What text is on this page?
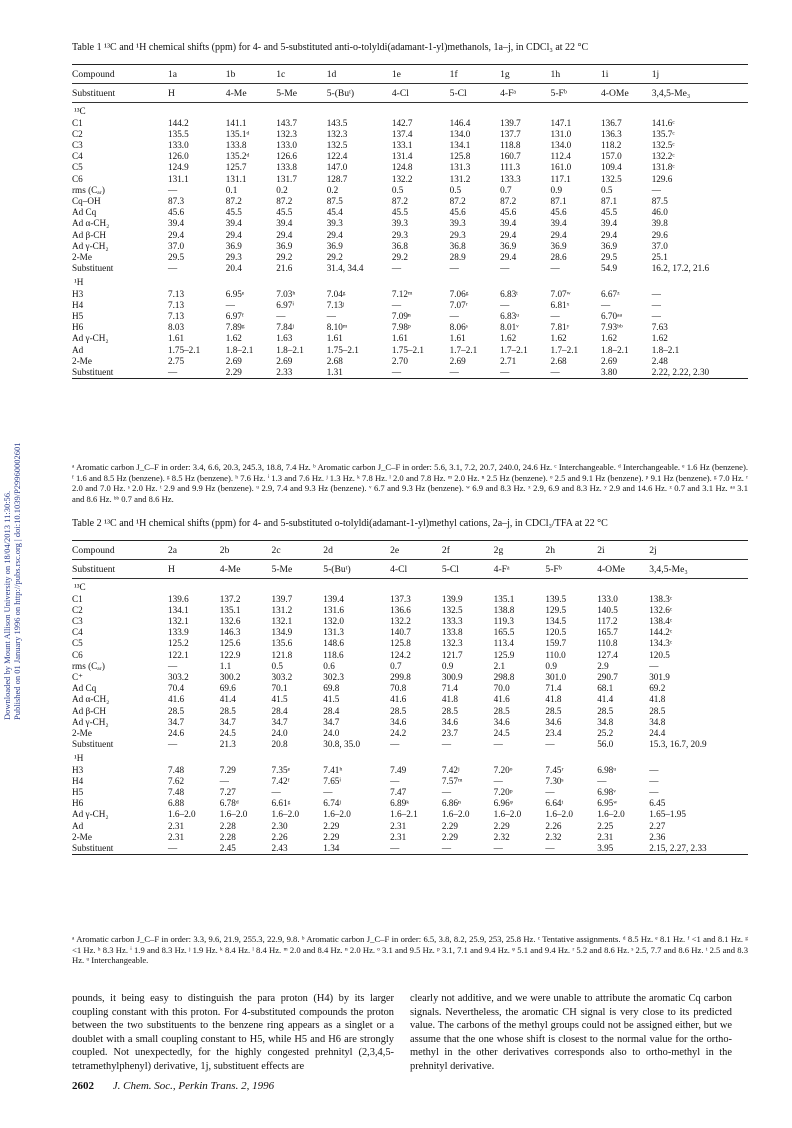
Downloaded by Mount Allison University on 18/04/2013 11:30:56. Published on 01 January 1996 on http://pubs.rsc.org | doi:10.1039/P29960002601
Table 1 ¹³C and ¹H chemical shifts (ppm) for 4- and 5-substituted anti-o-tolyldi(adamant-1-yl)methanols, 1a–j, in CDCl₃ at 22 °C
Compound	1a	1b	1c	1d	1e	1f	1g	1h	1i	1j
Substituent	H	4-Me	5-Me	5-(Buᵗ)	4-Cl	5-Cl	4-Fᵃ	5-Fᵇ	4-OMe	3,4,5-Me₃
¹³C										
C1	144.2	141.1	143.7	143.5	142.7	146.4	139.7	147.1	136.7	141.6ᶜ
C2	135.5	135.1ᵈ	132.3	132.3	137.4	134.0	137.7	131.0	136.3	135.7ᶜ
C3	133.0	133.8	133.0	132.5	133.1	134.1	118.8	134.0	118.2	132.5ᶜ
C4	126.0	135.2ᵈ	126.6	122.4	131.4	125.8	160.7	112.4	157.0	132.2ᶜ
C5	124.9	125.7	133.8	147.0	124.8	131.3	111.3	161.0	109.4	131.8ᶜ
C6	131.1	131.1	131.7	128.7	132.2	131.2	133.3	117.1	132.5	129.6
rms (Cₐᵣ)	—	0.1	0.2	0.2	0.5	0.5	0.7	0.9	0.5	—
Cq–OH	87.3	87.2	87.2	87.5	87.2	87.2	87.2	87.1	87.1	87.5
Ad Cq	45.6	45.5	45.5	45.4	45.5	45.6	45.6	45.6	45.5	46.0
Ad α-CH₂	39.4	39.4	39.4	39.3	39.3	39.3	39.4	39.4	39.4	39.8
Ad β-CH	29.4	29.4	29.4	29.4	29.3	29.3	29.4	29.4	29.4	29.6
Ad γ-CH₂	37.0	36.9	36.9	36.9	36.8	36.8	36.9	36.9	36.9	37.0
2-Me	29.5	29.3	29.2	29.2	29.2	28.9	29.4	28.6	29.5	25.1
Substituent	—	20.4	21.6	31.4, 34.4	—	—	—	—	54.9	16.2, 17.2, 21.6
¹H										
H3	7.13	6.95ᵉ	7.03ʰ	7.04ᵍ	7.12ᵐ	7.06ᵍ	6.83ᵗ	7.07ʷ	6.67ᶻ	—
H4	7.13	—	6.97ⁱ	7.13ʲ	—	7.07ʳ	—	6.81ˣ	—	—
H5	7.13	6.97ᶠ	—	—	7.09ⁿ	—	6.83ᵘ	—	6.70ᵃᵃ	—
H6	8.03	7.89ᵍ	7.84ʲ	8.10ᵐ	7.98ᵖ	8.06ˢ	8.01ᵛ	7.81ʸ	7.93ᵇᵇ	7.63
Ad γ-CH₂	1.61	1.62	1.63	1.61	1.61	1.61	1.62	1.62	1.62	1.62
Ad	1.75–2.1	1.8–2.1	1.8–2.1	1.75–2.1	1.75–2.1	1.7–2.1	1.7–2.1	1.7–2.1	1.8–2.1	1.8–2.1
2-Me	2.75	2.69	2.69	2.68	2.70	2.69	2.71	2.68	2.69	2.48
Substituent	—	2.29	2.33	1.31	—	—	—	—	3.80	2.22, 2.22, 2.30
ᵃ Aromatic carbon J_C–F in order: 3.4, 6.6, 20.3, 245.3, 18.8, 7.4 Hz. ᵇ Aromatic carbon J_C–F in order: 5.6, 3.1, 7.2, 20.7, 240.0, 24.6 Hz. ᶜ Interchangeable. ᵈ Interchangeable. ᵉ 1.6 Hz (benzene). ᶠ 1.6 and 8.5 Hz (benzene). ᵍ 8.5 Hz (benzene). ʰ 7.6 Hz. ⁱ 1.3 and 7.6 Hz. ʲ 1.3 Hz. ᵏ 7.8 Hz. ˡ 2.0 and 7.8 Hz. ᵐ 2.0 Hz. ⁿ 2.5 Hz (benzene). ᵒ 2.5 and 9.1 Hz (benzene). ᵖ 9.1 Hz (benzene). ᵍ 7.0 Hz. ʳ 2.0 and 7.0 Hz. ˢ 2.0 Hz. ᵗ 2.9 and 9.9 Hz (benzene). ᵘ 2.9, 7.4 and 9.3 Hz (benzene). ᵛ 6.7 and 9.3 Hz (benzene). ʷ 6.9 and 8.3 Hz. ˣ 2.9, 6.9 and 8.3 Hz. ʸ 2.9 and 14.6 Hz. ᶻ 0.7 and 3.1 Hz. ᵃᵃ 3.1 and 8.6 Hz. ᵇᵇ 0.7 and 8.6 Hz.
Table 2 ¹³C and ¹H chemical shifts (ppm) for 4- and 5-substituted o-tolyldi(adamant-1-yl)methyl cations, 2a–j, in CDCl₃/TFA at 22 °C
Compound	2a	2b	2c	2d	2e	2f	2g	2h	2i	2j
Substituent	H	4-Me	5-Me	5-(Buᵗ)	4-Cl	5-Cl	4-Fᵃ	5-Fᵇ	4-OMe	3,4,5-Me₃
¹³C										
C1	139.6	137.2	139.7	139.4	137.3	139.9	135.1	139.5	133.0	138.3ᶜ
C2	134.1	135.1	131.2	131.6	136.6	132.5	138.8	129.5	140.5	132.6ᶜ
C3	132.1	132.6	132.1	132.0	132.2	133.3	119.3	134.5	117.2	138.4ᶜ
C4	133.9	146.3	134.9	131.3	140.7	133.8	165.5	120.5	165.7	144.2ᶜ
C5	125.2	125.6	135.6	148.6	125.8	132.3	113.4	159.7	110.8	134.3ᶜ
C6	122.1	122.9	121.8	118.6	124.2	121.7	125.9	110.0	127.4	120.5
rms (Cₐᵣ)	—	1.1	0.5	0.6	0.7	0.9	2.1	0.9	2.9	—
C⁺	303.2	300.2	303.2	302.3	299.8	300.9	298.8	301.0	290.7	301.9
Ad Cq	70.4	69.6	70.1	69.8	70.8	71.4	70.0	71.4	68.1	69.2
Ad α-CH₂	41.6	41.4	41.5	41.5	41.6	41.8	41.6	41.8	41.4	41.8
Ad β-CH	28.5	28.5	28.4	28.4	28.5	28.5	28.5	28.5	28.5	28.5
Ad γ-CH₂	34.7	34.7	34.7	34.7	34.6	34.6	34.6	34.6	34.8	34.8
2-Me	24.6	24.5	24.0	24.0	24.2	23.7	24.5	23.4	25.2	24.4
Substituent	—	21.3	20.8	30.8, 35.0	—	—	—	—	56.0	15.3, 16.7, 20.9
¹H										
H3	7.48	7.29	7.35ᵉ	7.41ʰ	7.49	7.42ʲ	7.20ᵒ	7.45ʳ	6.98ᵘ	—
H4	7.62	—	7.42ᶠ	7.65ⁱ	—	7.57ᵐ	—	7.30ˢ	—	—
H5	7.48	7.27	—	—	7.47	—	7.20ᵖ	—	6.98ᵛ	—
H6	6.88	6.78ᵈ	6.61ᵍ	6.74ʲ	6.89ᵏ	6.86ⁿ	6.96ᵠ	6.64ᵗ	6.95ʷ	6.45
Ad γ-CH₂	1.6–2.0	1.6–2.0	1.6–2.0	1.6–2.0	1.6–2.1	1.6–2.0	1.6–2.0	1.6–2.0	1.6–2.0	1.65–1.95
Ad	2.31	2.28	2.30	2.29	2.31	2.29	2.29	2.26	2.25	2.27
2-Me	2.31	2.28	2.26	2.29	2.31	2.29	2.32	2.32	2.31	2.36
Substituent	—	2.45	2.43	1.34	—	—	—	—	3.95	2.15, 2.27, 2.33
ᵃ Aromatic carbon J_C–F in order: 3.3, 9.6, 21.9, 255.3, 22.9, 9.8. ᵇ Aromatic carbon J_C–F in order: 6.5, 3.8, 8.2, 25.9, 253, 25.8 Hz. ᶜ Tentative assignments. ᵈ 8.5 Hz. ᵉ 8.1 Hz. ᶠ <1 and 8.1 Hz. ᵍ <1 Hz. ʰ 8.3 Hz. ⁱ 1.9 and 8.3 Hz. ʲ 1.9 Hz. ᵏ 8.4 Hz. ˡ 8.4 Hz. ᵐ 2.0 and 8.4 Hz. ⁿ 2.0 Hz. ᵒ 3.1 and 9.5 Hz. ᵖ 3.1, 7.1 and 9.4 Hz. ᵠ 5.1 and 9.4 Hz. ʳ 5.2 and 8.6 Hz. ˢ 2.5, 7.7 and 8.6 Hz. ᵗ 2.5 and 8.3 Hz. ᵘ Interchangeable.
pounds, it being easy to distinguish the para proton (H4) by its larger coupling constant with this proton. For 4-substituted compounds the proton between the two substituents to the benzene ring appears as a singlet or a doublet with a small coupling constant to H5, while H5 and H6 are strongly coupled. Not unexpectedly, for the highly congested prehnityl (2,3,4,5-tetramethylphenyl) derivative, 1j, substituent effects are
clearly not additive, and we were unable to attribute the aromatic Cq carbon signals. Nevertheless, the aromatic CH signal is very close to its predicted value. The carbons of the methyl groups could not be assigned either, but we assume that the one whose shift is closest to the normal value for the ortho-methyl in the other derivatives corresponds also to ortho-methyl in the prehnityl derivative.
2602 J. Chem. Soc., Perkin Trans. 2, 1996
